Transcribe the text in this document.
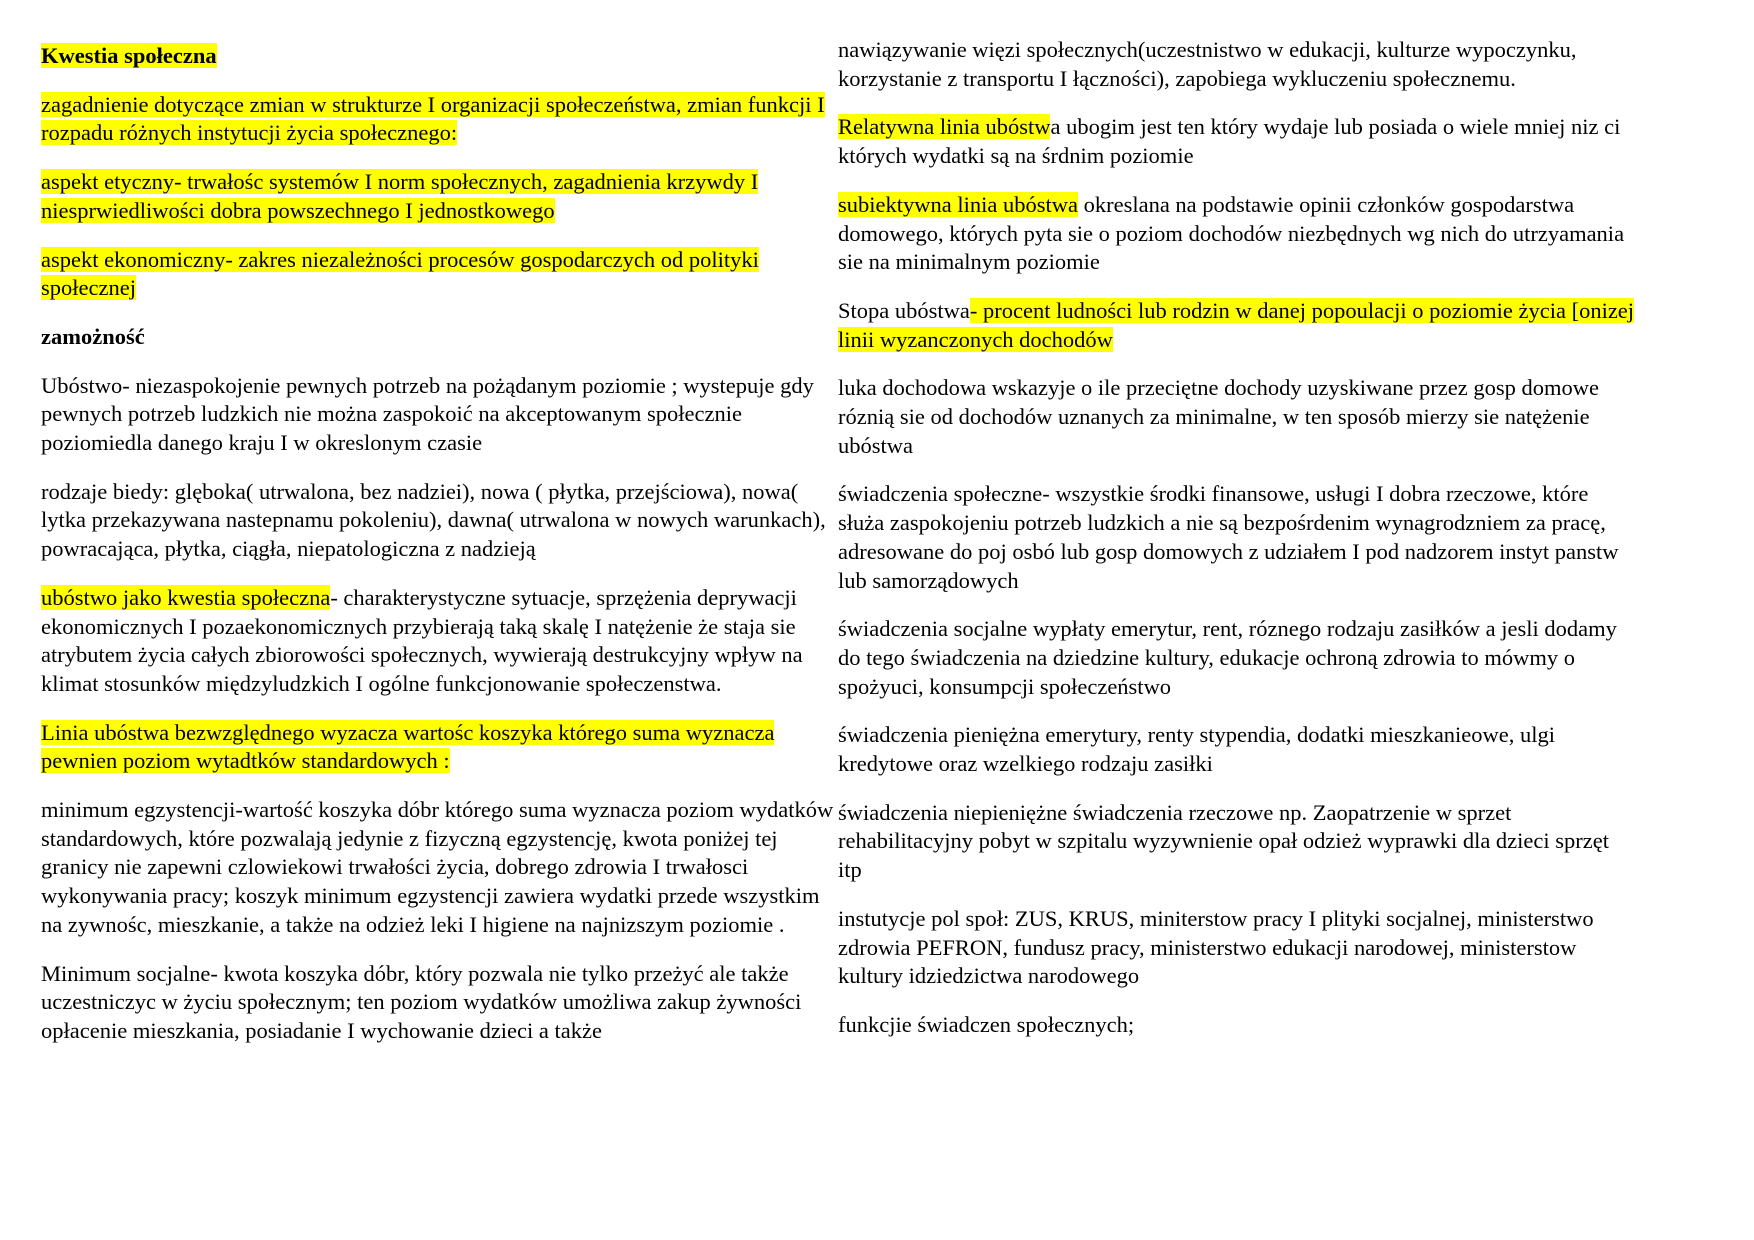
Kwestia społeczna

zagadnienie dotyczące zmian w strukturze I organizacji społeczeństwa, zmian funkcji I rozpadu różnych instytucji życia społecznego:

aspekt etyczny- trwałośc systemów I norm społecznych, zagadnienia krzywdy I niesprwiedliwości dobra powszechnego I jednostkowego

aspekt ekonomiczny- zakres niezależności procesów gospodarczych od polityki społecznej

zamożność

Ubóstwo- niezaspokojenie pewnych potrzeb na pożądanym poziomie ; wystepuje gdy pewnych potrzeb ludzkich nie można zaspokoić na akceptowanym społecznie poziomiedla danego kraju I w okreslonym czasie

rodzaje biedy: glęboka( utrwalona, bez nadziei), nowa ( płytka, przejściowa), nowa( lytka przekazywana nastepnamu pokoleniu), dawna( utrwalona w nowych warunkach), powracająca, płytka, ciągła, niepatologiczna z nadzieją

ubóstwo jako kwestia społeczna- charakterystyczne sytuacje, sprzężenia deprywacji ekonomicznych I pozaekonomicznych przybierają taką skalę I natężenie że staja sie atrybutem życia całych zbiorowości społecznych, wywierają destrukcyjny wpływ na klimat stosunków międzyludzkich I ogólne funkcjonowanie społeczenstwa.

Linia ubóstwa bezwzględnego wyzacza wartośc koszyka którego suma wyznacza pewnien poziom wytadtków standardowych :

minimum egzystencji-wartość koszyka dóbr którego suma wyznacza poziom wydatków standardowych, które pozwalają jedynie z fizyczną egzystencję, kwota poniżej tej granicy nie zapewni czlowiekowi trwałości życia, dobrego zdrowia I trwałosci wykonywania pracy; koszyk minimum egzystencji zawiera wydatki przede wszystkim na zywnośc, mieszkanie, a także na odzież leki I higiene na najnizszym poziomie .

Minimum socjalne- kwota koszyka dóbr, który pozwala nie tylko przeżyć ale także uczestniczyc w życiu społecznym; ten poziom wydatków umożliwa zakup żywności opłacenie mieszkania, posiadanie I wychowanie dzieci a także

nawiązywanie więzi społecznych(uczestnistwo w edukacji, kulturze wypoczynku, korzystanie z transportu I łączności), zapobiega wykluczeniu społecznemu.

Relatywna linia ubóstwa ubogim jest ten który wydaje lub posiada o wiele mniej niz ci których wydatki są na śrdnim poziomie

subiektywna linia ubóstwa okreslana na podstawie opinii członków gospodarstwa domowego, których pyta sie o poziom dochodów niezbędnych wg nich do utrzyamania sie na minimalnym poziomie

Stopa ubóstwa- procent ludności lub rodzin w danej popoulacji o poziomie życia [onizej linii wyzanczonych dochodów

luka dochodowa wskazyje o ile przeciętne dochody uzyskiwane przez gosp domowe róznią sie od dochodów uznanych za minimalne, w ten sposób mierzy sie natężenie ubóstwa

świadczenia społeczne- wszystkie środki finansowe, usługi I dobra rzeczowe, które służa zaspokojeniu potrzeb ludzkich a nie są bezpośrdenim wynagrodzniem za pracę, adresowane do poj osbó lub gosp domowych z udziałem I pod nadzorem instyt panstw lub samorządowych

świadczenia socjalne wypłaty emerytur, rent, róznego rodzaju zasiłków a jesli dodamy do tego świadczenia na dziedzine kultury, edukacje ochroną zdrowia to mówmy o spożyuci, konsumpcji społeczeństwo

świadczenia pieniężna emerytury, renty stypendia, dodatki mieszkanieowe, ulgi kredytowe oraz wzelkiego rodzaju zasiłki

świadczenia niepieniężne świadczenia rzeczowe np. Zaopatrzenie w sprzet rehabilitacyjny pobyt w szpitalu wyzywnienie opał odzież wyprawki dla dzieci sprzęt itp

instutycje pol społ: ZUS, KRUS, miniterstow pracy I plityki socjalnej, ministerstwo zdrowia PEFRON, fundusz pracy, ministerstwo edukacji narodowej, ministerstow kultury idziedzictwa narodowego

funkcjie świadczen społecznych;
